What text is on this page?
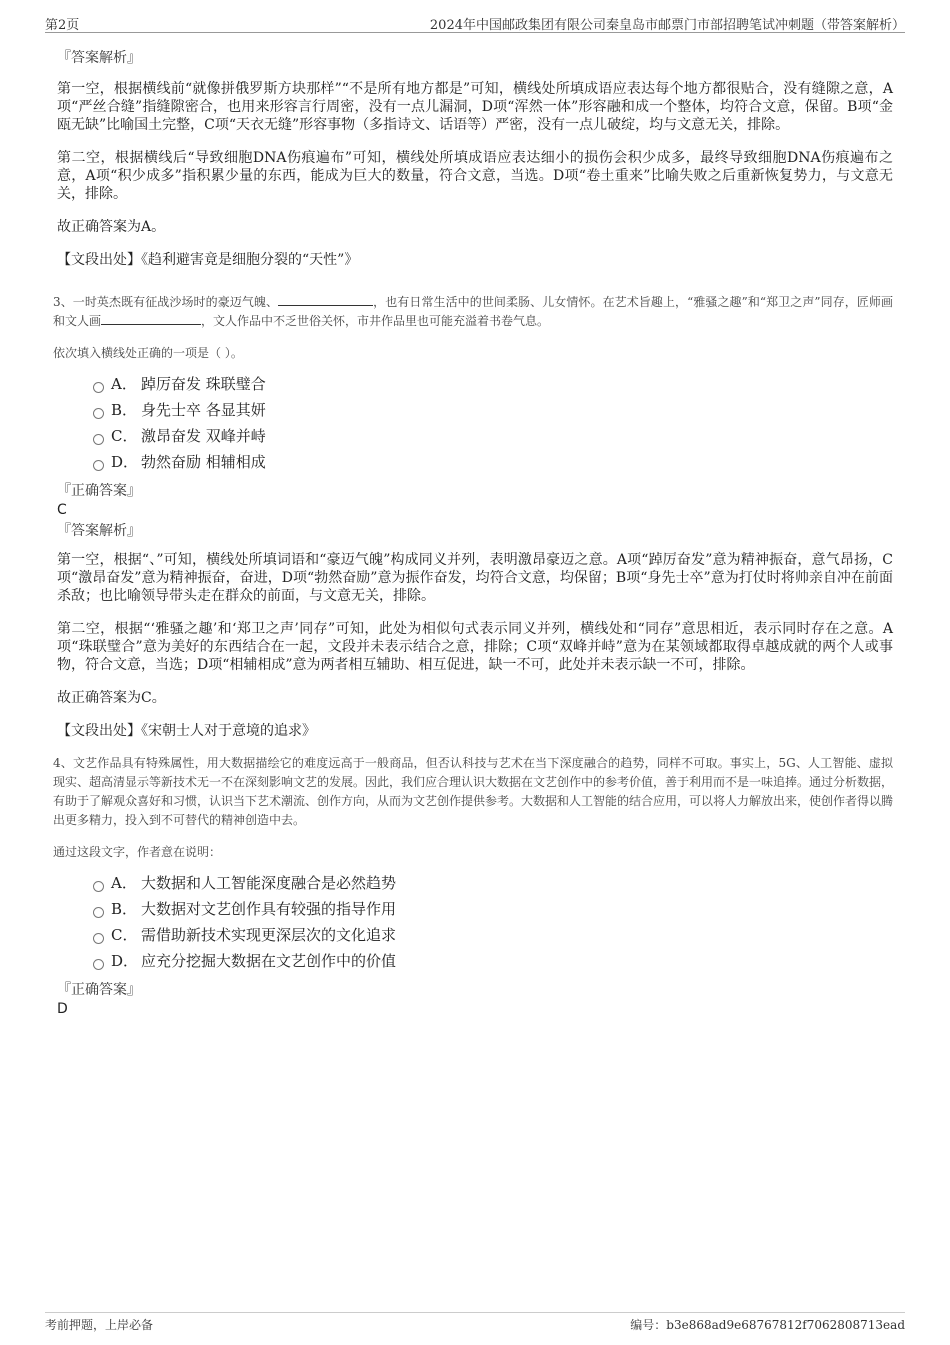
第2页	2024年中国邮政集团有限公司秦皇岛市邮票门市部招聘笔试冲刺题（带答案解析）

『答案解析』

第一空，根据横线前“就像拼俄罗斯方块那样”“不是所有地方都是”可知，横线处所填成语应表达每个地方都很贴合，没有缝隙之意，A项“严丝合缝”指缝隙密合，也用来形容言行周密，没有一点儿漏洞，D项“浑然一体”形容融和成一个整体，均符合文意，保留。B项“金瓯无缺”比喻国土完整，C项“天衣无缝”形容事物（多指诗文、话语等）严密，没有一点儿破绽，均与文意无关，排除。

第二空，根据横线后“导致细胞DNA伤痕遍布”可知，横线处所填成语应表达细小的损伤会积少成多，最终导致细胞DNA伤痕遍布之意，A项“积少成多”指积累少量的东西，能成为巨大的数量，符合文意，当选。D项“卷土重来”比喻失败之后重新恢复势力，与文意无关，排除。

故正确答案为A。

【文段出处】《趋利避害竟是细胞分裂的“天性”》

3、一时英杰既有征战沙场时的豪迈气魄、	，也有日常生活中的世间柔肠、儿女情怀。在艺术旨趣上，“雅骚之趣”和“郑卫之声”同存，匠师画和文人画	，文人作品中不乏世俗关怀，市井作品里也可能充溢着书卷气息。

依次填入横线处正确的一项是（ ）。

A． 踔厉奋发 珠联璧合
B． 身先士卒 各显其妍
C． 激昂奋发 双峰并峙
D． 勃然奋励 相辅相成

『正确答案』

C

『答案解析』

第一空，根据“、”可知，横线处所填词语和“豪迈气魄”构成同义并列，表明激昂豪迈之意。A项“踔厉奋发”意为精神振奋，意气昂扬，C项“激昂奋发”意为精神振奋，奋进，D项“勃然奋励”意为振作奋发，均符合文意，均保留；B项“身先士卒”意为打仗时将帅亲自冲在前面杀敌；也比喻领导带头走在群众的前面，与文意无关，排除。

第二空，根据“‘雅骚之趣’和‘郑卫之声’同存”可知，此处为相似句式表示同义并列，横线处和“同存”意思相近，表示同时存在之意。A项“珠联璧合”意为美好的东西结合在一起，文段并未表示结合之意，排除；C项“双峰并峙”意为在某领域都取得卓越成就的两个人或事物，符合文意，当选；D项“相辅相成”意为两者相互辅助、相互促进，缺一不可，此处并未表示缺一不可，排除。

故正确答案为C。

【文段出处】《宋朝士人对于意境的追求》

4、文艺作品具有特殊属性，用大数据描绘它的难度远高于一般商品，但否认科技与艺术在当下深度融合的趋势，同样不可取。事实上，5G、人工智能、虚拟现实、超高清显示等新技术无一不在深刻影响文艺的发展。因此，我们应合理认识大数据在文艺创作中的参考价值，善于利用而不是一味追捧。通过分析数据，有助于了解观众喜好和习惯，认识当下艺术潮流、创作方向，从而为文艺创作提供参考。大数据和人工智能的结合应用，可以将人力解放出来，使创作者得以腾出更多精力，投入到不可替代的精神创造中去。

通过这段文字，作者意在说明：

A． 大数据和人工智能深度融合是必然趋势
B． 大数据对文艺创作具有较强的指导作用
C． 需借助新技术实现更深层次的文化追求
D． 应充分挖掘大数据在文艺创作中的价值

『正确答案』

D

考前押题，上岸必备	编号：b3e868ad9e68767812f7062808713ead
